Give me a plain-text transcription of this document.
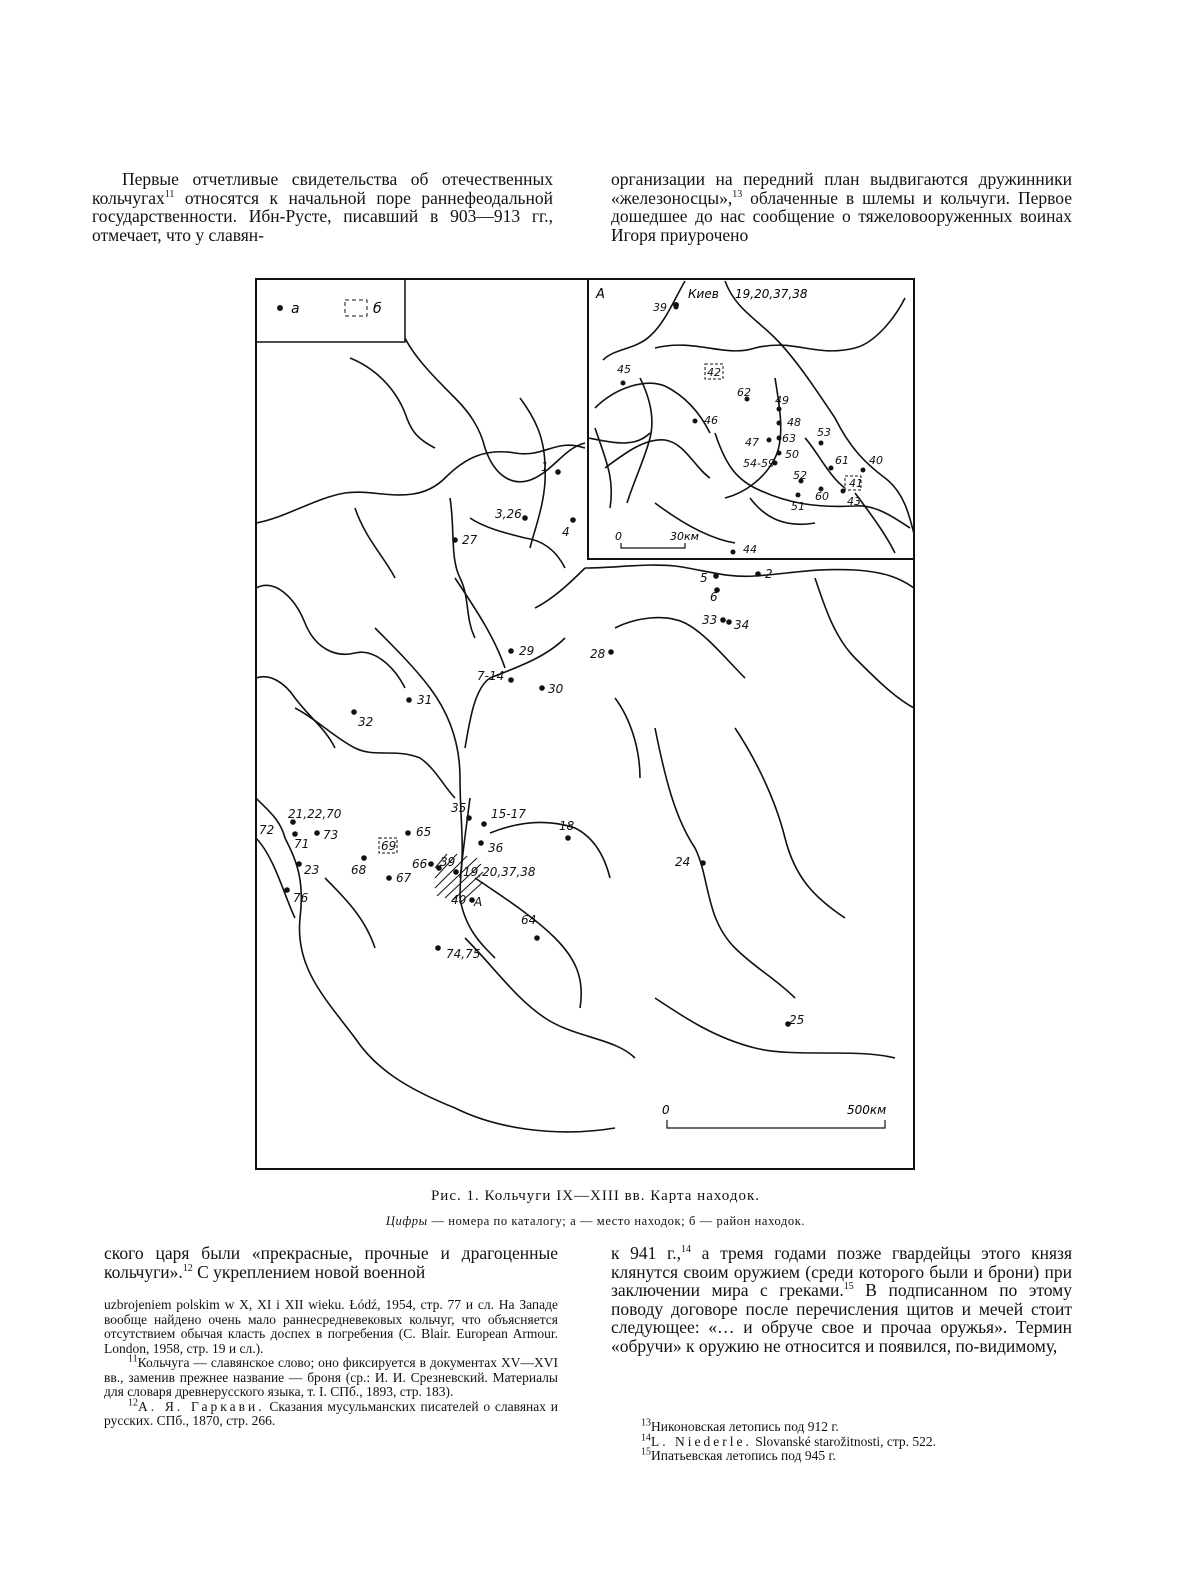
Первые отчетливые свидетельства об отечественных кольчугах$^{11}$ относятся к начальной поре раннефеодальной государственности. Ибн-Русте, писавший в 903—913 гг., отмечает, что у славян-

организации на передний план выдвигаются дружинники «железоносцы»,$^{13}$ облаченные в шлемы и кольчуги. Первое дошедшее до нас сообщение о тяжеловооруженных воинах Игоря приурочено

а	б
А	Киев 19,20,37,38
39
45	42
62
49
48
46
47 63
50
53
54-59	61 40
41
52
60 43
51
44
0	30км
1
3,26
4
27
5	2
6
33 34
28
29
7-14
30
31
32
35 15-17
18
36
21,22,70
72
71
73
69
65
66 39
19,20,37,38
68
67
23
40 А
24
76
64
74,75
25
0	500км
Рис. 1. Кольчуги IX—XIII вв. Карта находок.
Цифры — номера по каталогу; а — место находок; б — район находок.

ского царя были «прекрасные, прочные и драгоценные кольчуги».$^{12}$ С укреплением новой военной

к 941 г.,$^{14}$ а тремя годами позже гвардейцы этого князя клянутся своим оружием (среди которого были и брони) при заключении мира с греками.$^{15}$ В подписанном по этому поводу договоре после перечисления щитов и мечей стоит следующее: «… и обруче свое и прочаа оружья». Термин «обручи» к оружию не относится и появился, по-видимому,

uzbrojeniem polskim w X, XI i XII wieku. Łódź, 1954, стр. 77 и сл. На Западе вообще найдено очень мало раннесредневековых кольчуг, что объясняется отсутствием обычая класть доспех в погребения (C. Blair. European Armour. London, 1958, стр. 19 и сл.).

$^{11}$Кольчуга — славянское слово; оно фиксируется в документах XV—XVI вв., заменив прежнее название — броня (ср.: И. И. Срезневский. Материалы для словаря древнерусского языка, т. I. СПб., 1893, стр. 183).

$^{12}$А. Я. Гаркави. Сказания мусульманских писателей о славянах и русских. СПб., 1870, стр. 266.	$^{13}$Никоновская летопись под 912 г.

$^{14}$L. Niederle. Slovanské starožitnosti, стр. 522.

$^{15}$Ипатьевская летопись под 945 г.
